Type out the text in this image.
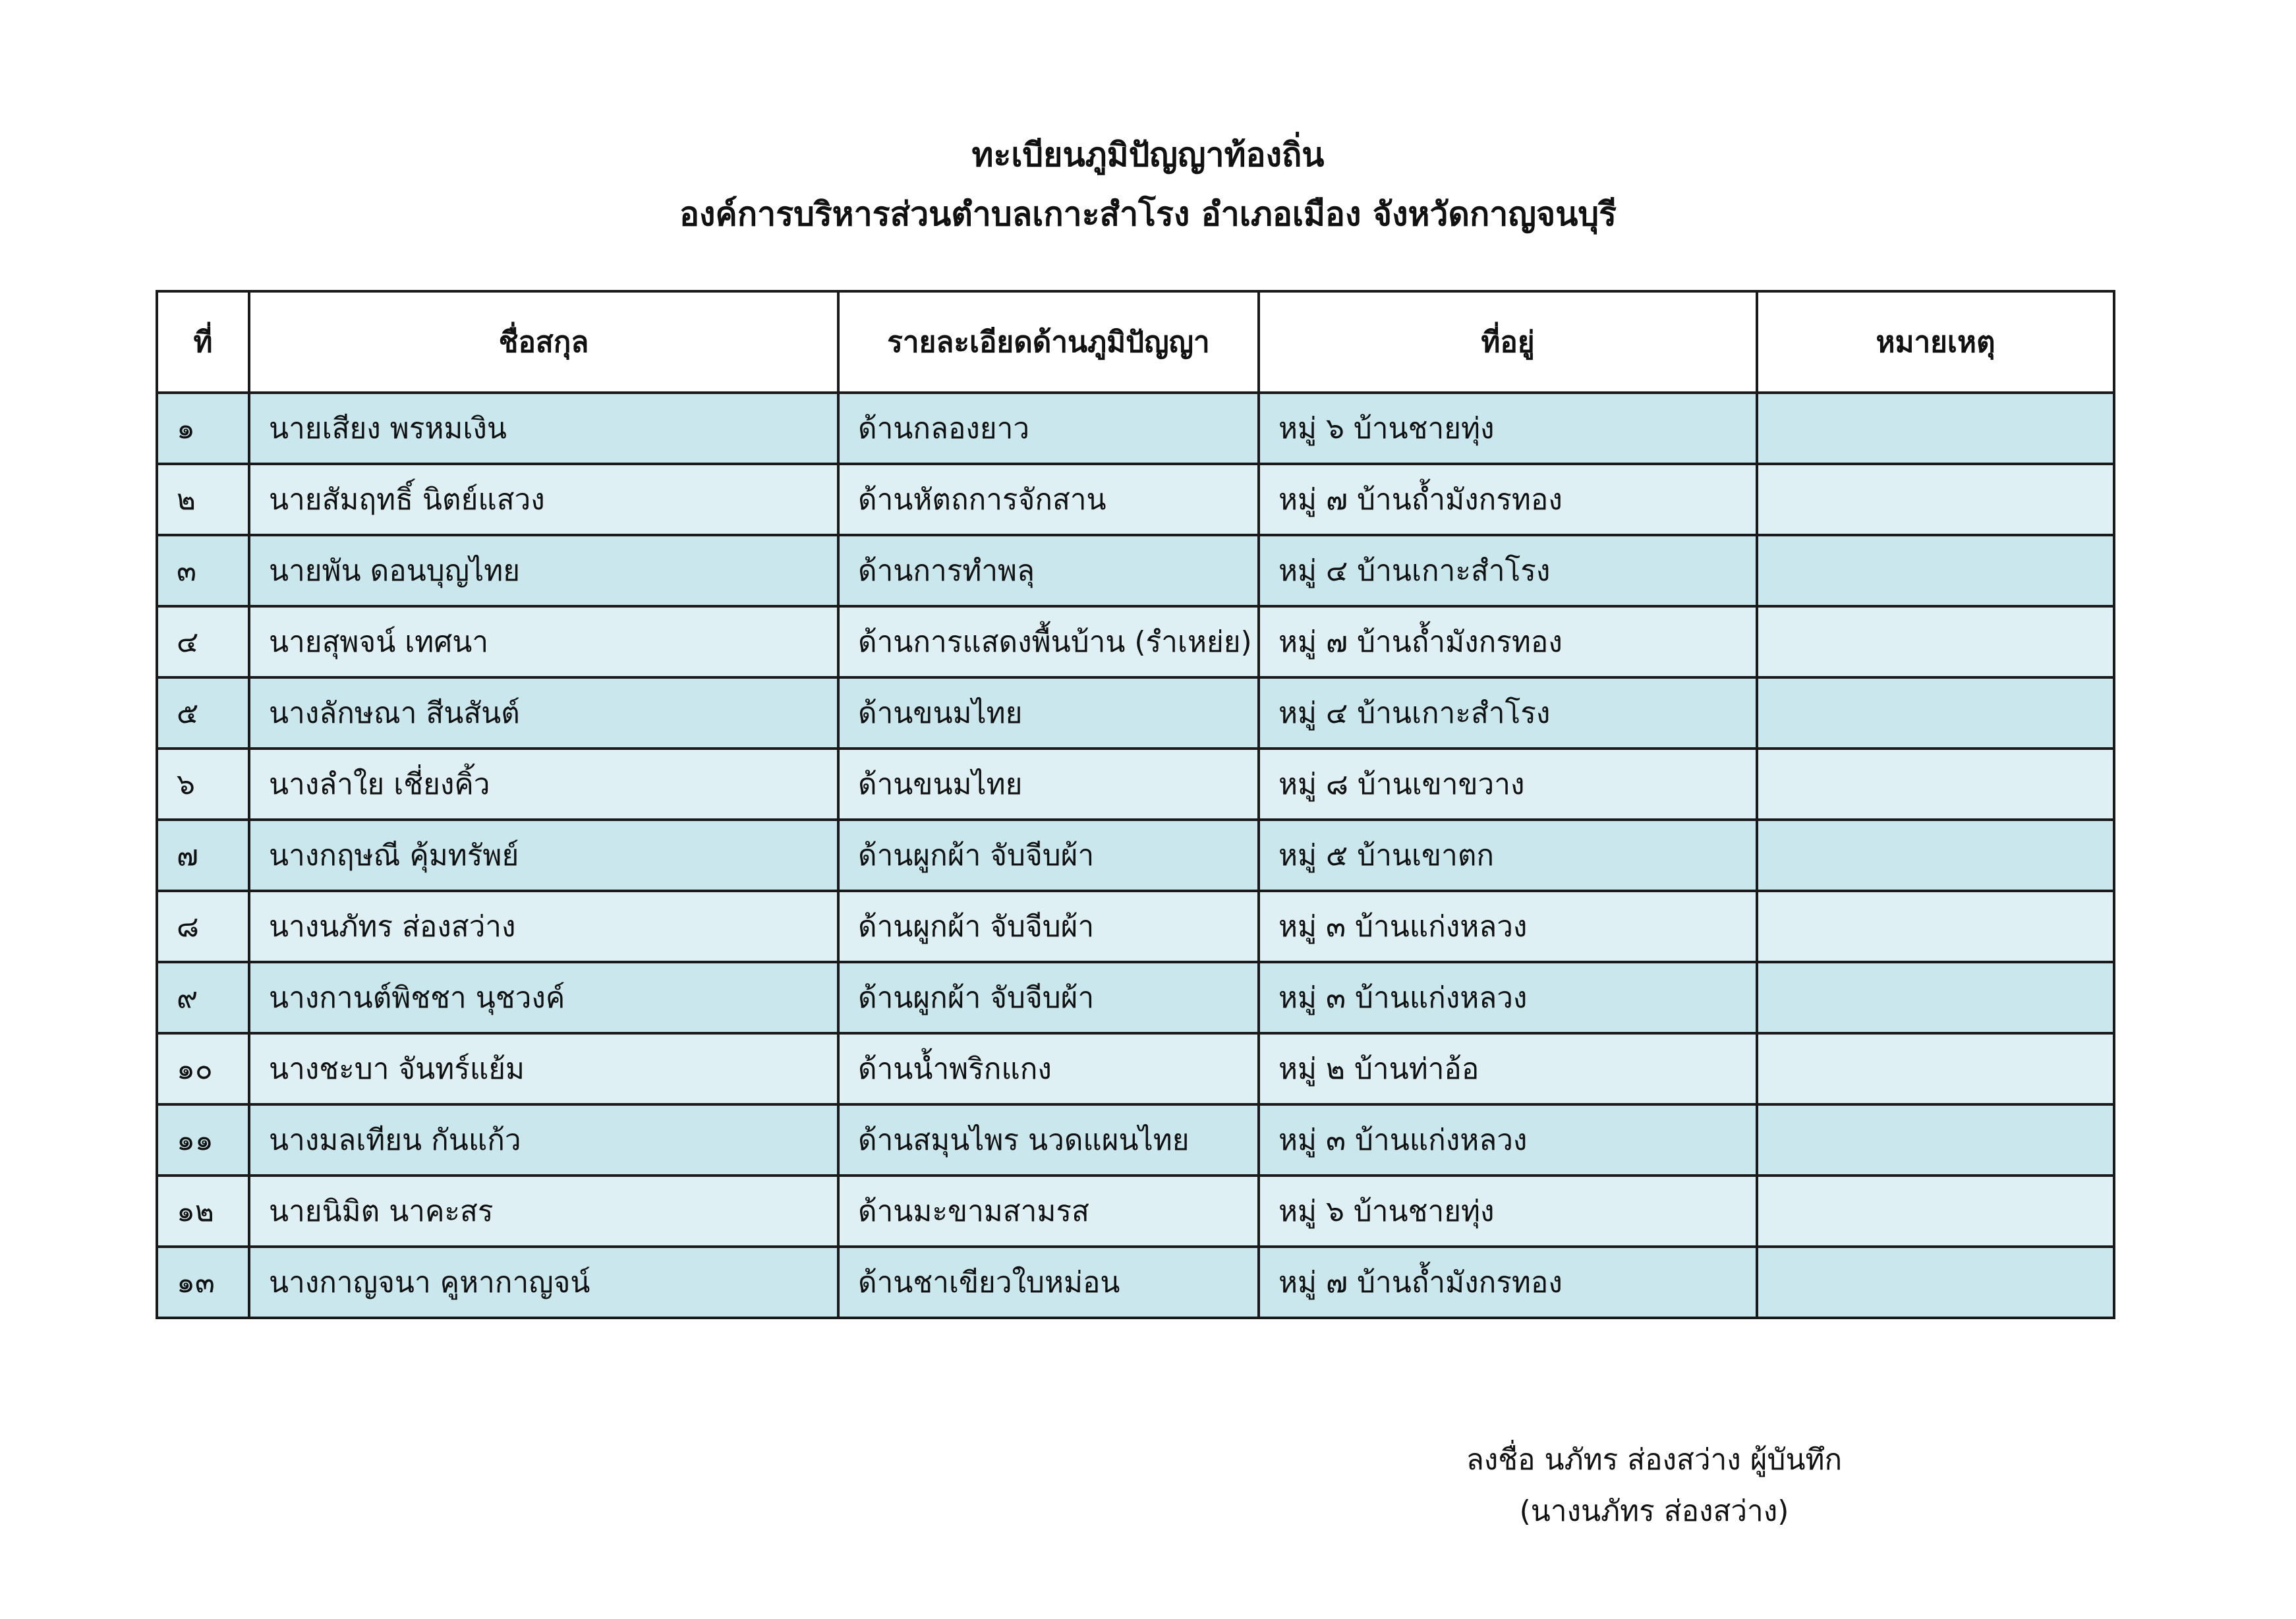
ทะเบียนภูมิปัญญาท้องถิ่น
องค์การบริหารส่วนตำบลเกาะสำโรง อำเภอเมือง จังหวัดกาญจนบุรี
ที่	ชื่อสกุล	รายละเอียดด้านภูมิปัญญา	ที่อยู่	หมายเหตุ
๑	นายเสียง พรหมเงิน	ด้านกลองยาว	หมู่ ๖ บ้านชายทุ่ง	
๒	นายสัมฤทธิ์ นิตย์แสวง	ด้านหัตถการจักสาน	หมู่ ๗ บ้านถ้ำมังกรทอง	
๓	นายพัน ดอนบุญไทย	ด้านการทำพลุ	หมู่ ๔ บ้านเกาะสำโรง	
๔	นายสุพจน์ เทศนา	ด้านการแสดงพื้นบ้าน (รำเหย่ย)	หมู่ ๗ บ้านถ้ำมังกรทอง	
๕	นางลักษณา สีนสันต์	ด้านขนมไทย	หมู่ ๔ บ้านเกาะสำโรง	
๖	นางลำใย เชี่ยงคิ้ว	ด้านขนมไทย	หมู่ ๘ บ้านเขาขวาง	
๗	นางกฤษณี คุ้มทรัพย์	ด้านผูกผ้า จับจีบผ้า	หมู่ ๕ บ้านเขาตก	
๘	นางนภัทร ส่องสว่าง	ด้านผูกผ้า จับจีบผ้า	หมู่ ๓ บ้านแก่งหลวง	
๙	นางกานต์พิชชา นุชวงค์	ด้านผูกผ้า จับจีบผ้า	หมู่ ๓ บ้านแก่งหลวง	
๑๐	นางชะบา จันทร์แย้ม	ด้านน้ำพริกแกง	หมู่ ๒ บ้านท่าอ้อ	
๑๑	นางมลเทียน กันแก้ว	ด้านสมุนไพร นวดแผนไทย	หมู่ ๓ บ้านแก่งหลวง	
๑๒	นายนิมิต นาคะสร	ด้านมะขามสามรส	หมู่ ๖ บ้านชายทุ่ง	
๑๓	นางกาญจนา คูหากาญจน์	ด้านชาเขียวใบหม่อน	หมู่ ๗ บ้านถ้ำมังกรทอง	
ลงชื่อ นภัทร ส่องสว่าง ผู้บันทึก
(นางนภัทร ส่องสว่าง)
